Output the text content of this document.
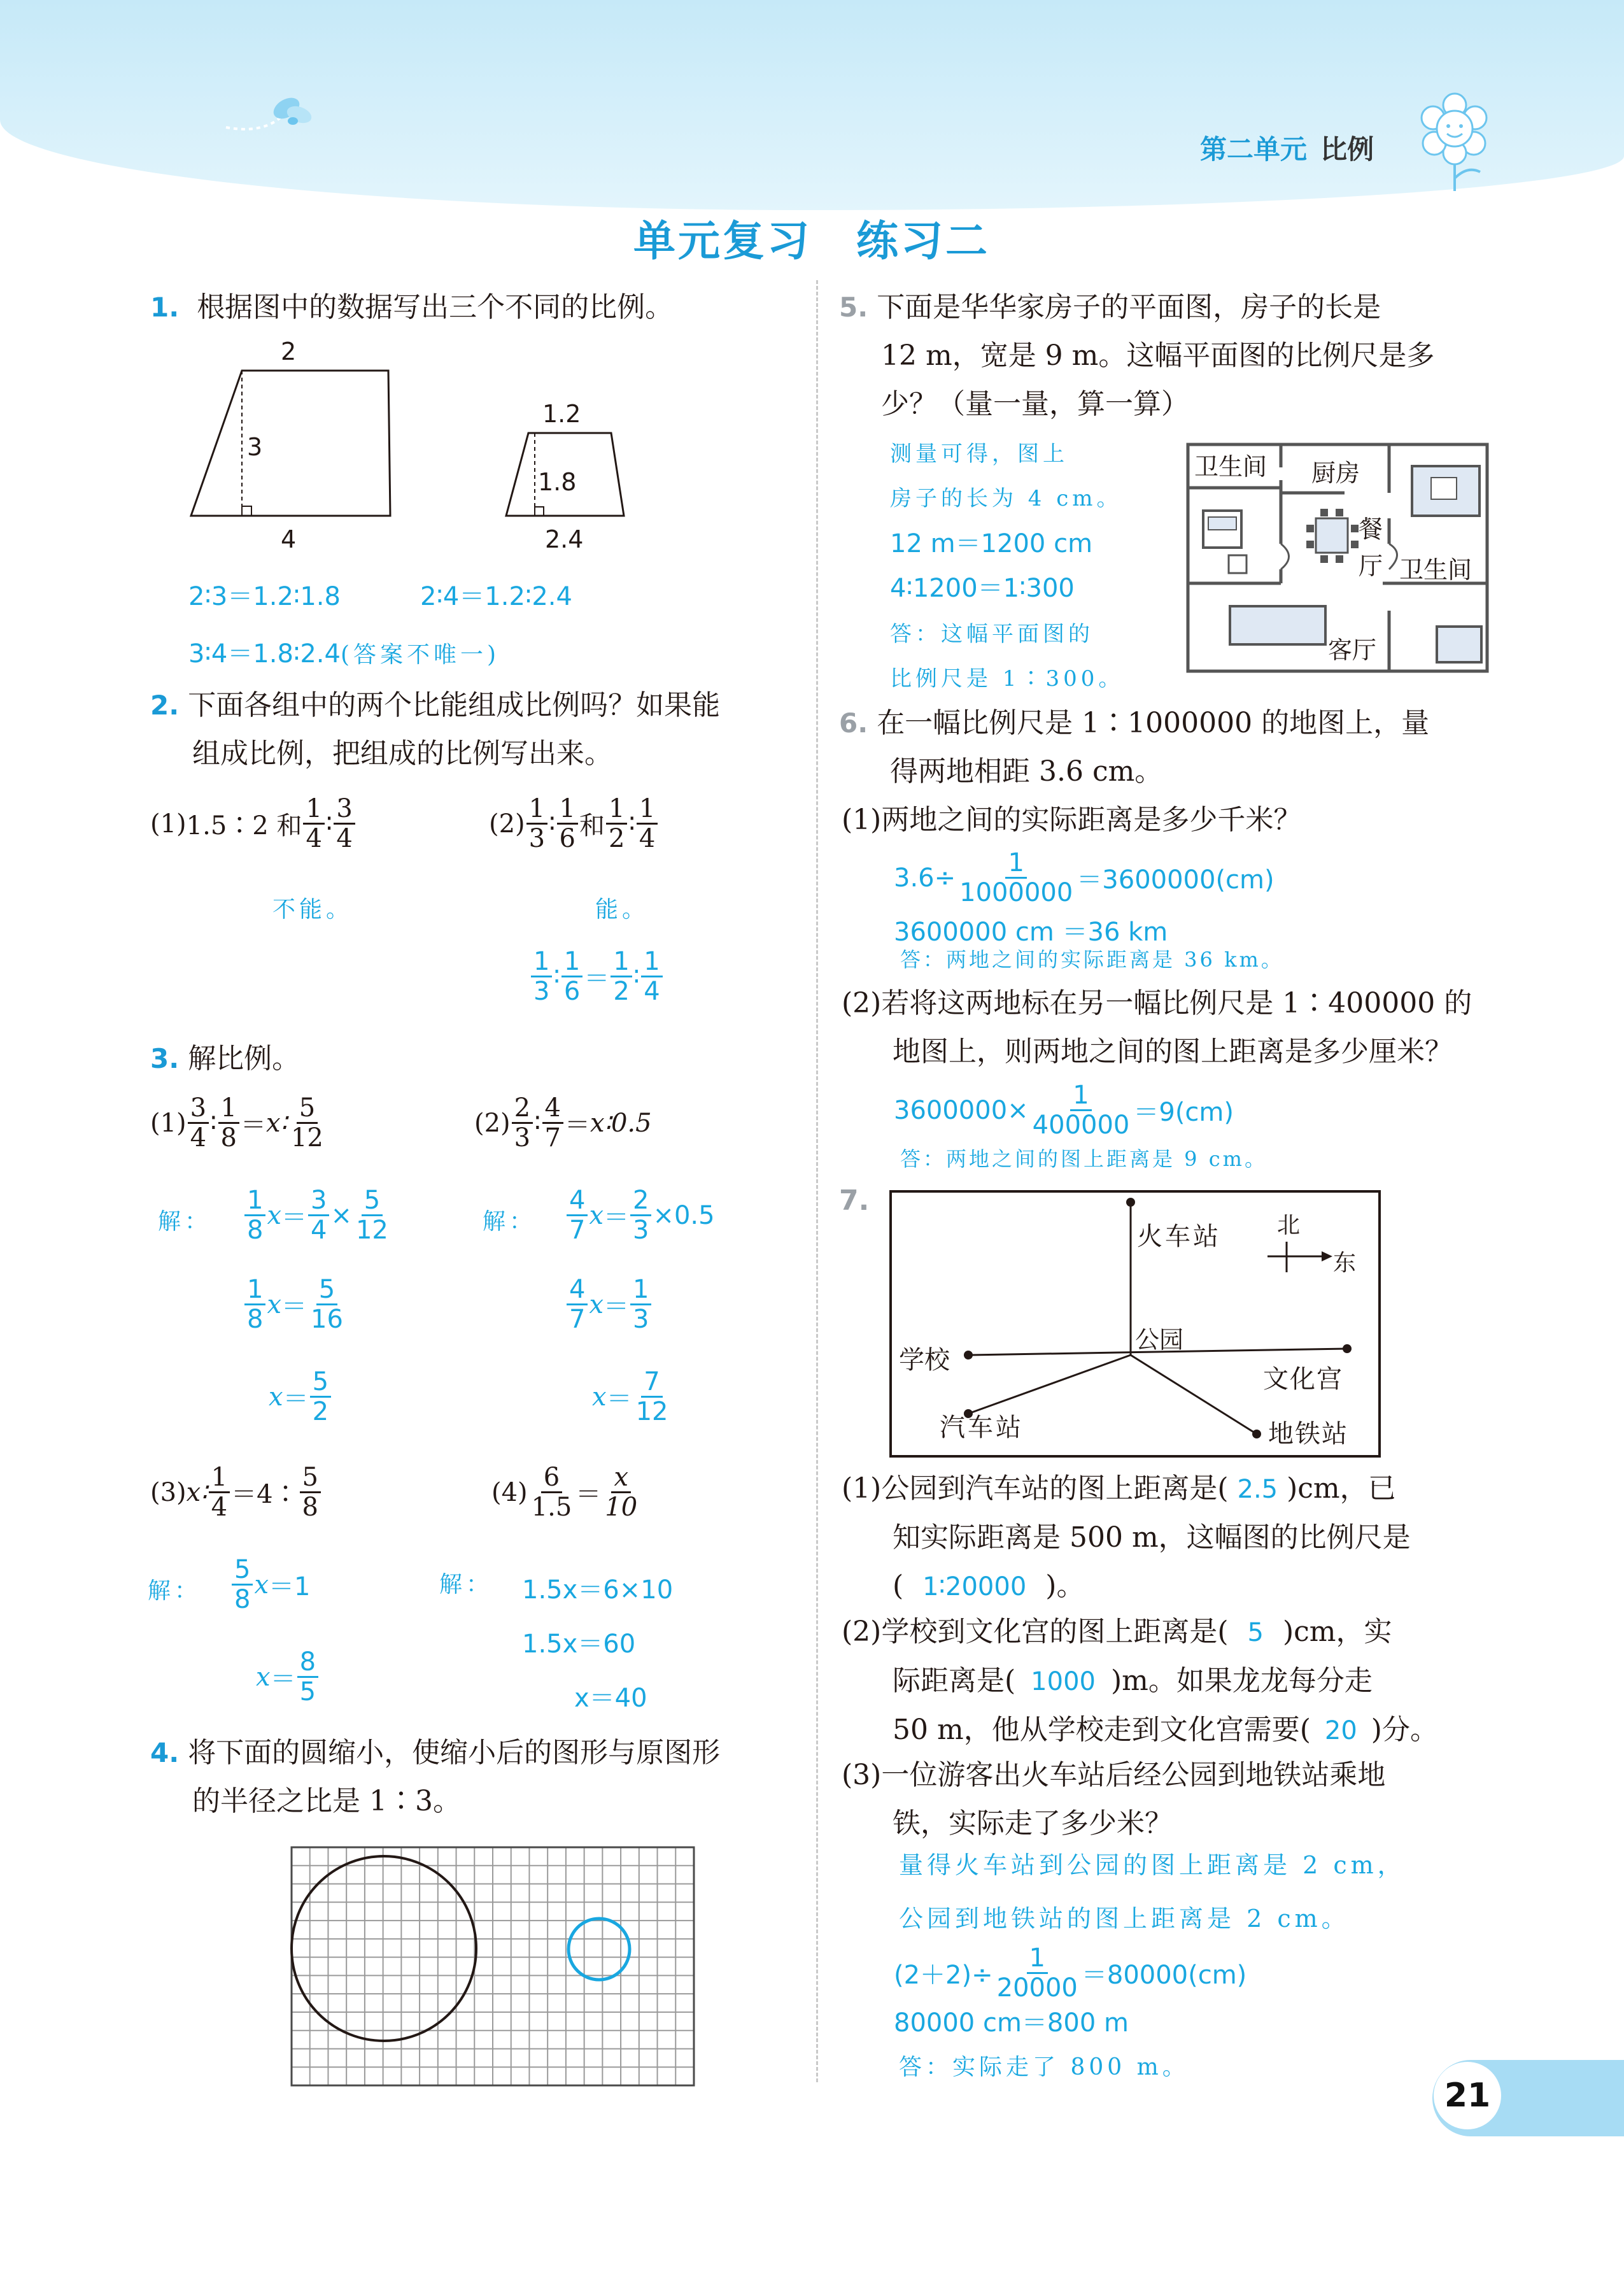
第二单元 比例
单元复习　练习二
1. 根据图中的数据写出三个不同的比例。
2
3
4
1.2
1.8
2.4
2∶3＝1.2∶1.8	2∶4＝1.2∶2.4
3∶4＝1.8∶2.4(答案不唯一)
2. 下面各组中的两个比能组成比例吗？如果能
组成比例，把组成的比例写出来。
(1) 1.5∶2 和 $\frac{1}{4}$ ∶ $\frac{3}{4}$	$(2) \frac{1}{3}$ ∶ $\frac{1}{6}$ 和 $\frac{1}{2}$ ∶ $\frac{1}{4}$
不能。	能。
$\frac{1}{3}$ ∶ $\frac{1}{6} = \frac{1}{2}$ ∶ $\frac{1}{4}$
3. 解比例。
$(1) \frac{3}{4}$ ∶ $\frac{1}{8}$ ＝ x∶ $\frac{5}{12}$
解： $\frac{1}{8}$ $x = \frac{3}{4} \times \frac{5}{12}$
$\frac{1}{8}$ $x = \frac{5}{16}$
$x = \frac{5}{2}$
$(2) \frac{2}{3}$ ∶ $\frac{4}{7}$ ＝ x∶0.5
解： $\frac{4}{7}$ $x = \frac{2}{3} \times 0.5$
$\frac{4}{7}$ $x = \frac{1}{3}$
$x = \frac{7}{12}$
(3) x∶ $\frac{1}{4}$ ＝4∶ $\frac{5}{8}$
解： $\frac{5}{8}$ x ＝1
$x = \frac{8}{5}$
$(4) \frac{6}{1.5} = \frac{x}{10}$
解： 1.5x＝6×10
1.5x＝60
x＝40
4. 将下面的圆缩小，使缩小后的图形与原图形
的半径之比是 1∶3。
5. 下面是华华家房子的平面图，房子的长是
12 m，宽是 9 m。这幅平面图的比例尺是多
少？（量一量，算一算）
测量可得，图上
房子的长为 4 cm。
12 m＝1200 cm
4∶1200＝1∶300
答：这幅平面图的
比例尺是 1∶300。
卫生间 厨房
餐
厅 卫生间
客厅
6. 在一幅比例尺是 1∶1000000 的地图上，量
得两地相距 3.6 cm。
(1)两地之间的实际距离是多少千米？
$3.6\div \frac{1}{1000000} =3600000(cm)$
3600000 cm ＝36 km
答：两地之间的实际距离是 36 km。
(2)若将这两地标在另一幅比例尺是 1∶400000 的
地图上，则两地之间的图上距离是多少厘米？
$3600000\times \frac{1}{400000} =9(cm)$
答：两地之间的图上距离是 9 cm。
7.
火车站
公园
学校
文化宫
汽车站	地铁站
北
东
(1)公园到汽车站的图上距离是( 2.5 )cm，已
知实际距离是 500 m，这幅图的比例尺是
( 1∶20000 )。
(2)学校到文化宫的图上距离是( 5 )cm，实
际距离是( 1000 )m。如果龙龙每分走
50 m，他从学校走到文化宫需要( 20 )分。
(3)一位游客出火车站后经公园到地铁站乘地
铁，实际走了多少米？
量得火车站到公园的图上距离是 2 cm，
公园到地铁站的图上距离是 2 cm。
$(2+2)\div \frac{1}{20000} =80000(cm)$
80000 cm＝800 m
答：实际走了 800 m。
21
